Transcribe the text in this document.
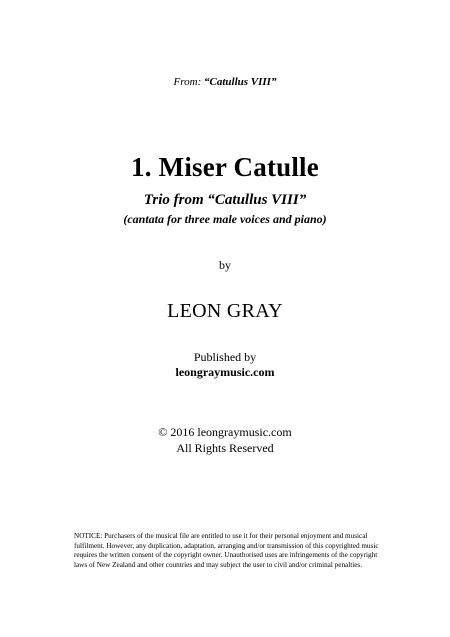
From: “Catullus VIII”
1. Miser Catulle
Trio from “Catullus VIII”
(cantata for three male voices and piano)
by
LEON GRAY
Published by
leongraymusic.com
© 2016 leongraymusic.com
All Rights Reserved
NOTICE: Purchasers of the musical file are entitled to use it for their personal enjoyment and musical fulfilment. However, any duplication, adaptation, arranging and/or transmission of this copyrighted music requires the written consent of the copyright owner. Unauthorised uses are infringements of the copyright laws of New Zealand and other countries and may subject the user to civil and/or criminal penalties.
